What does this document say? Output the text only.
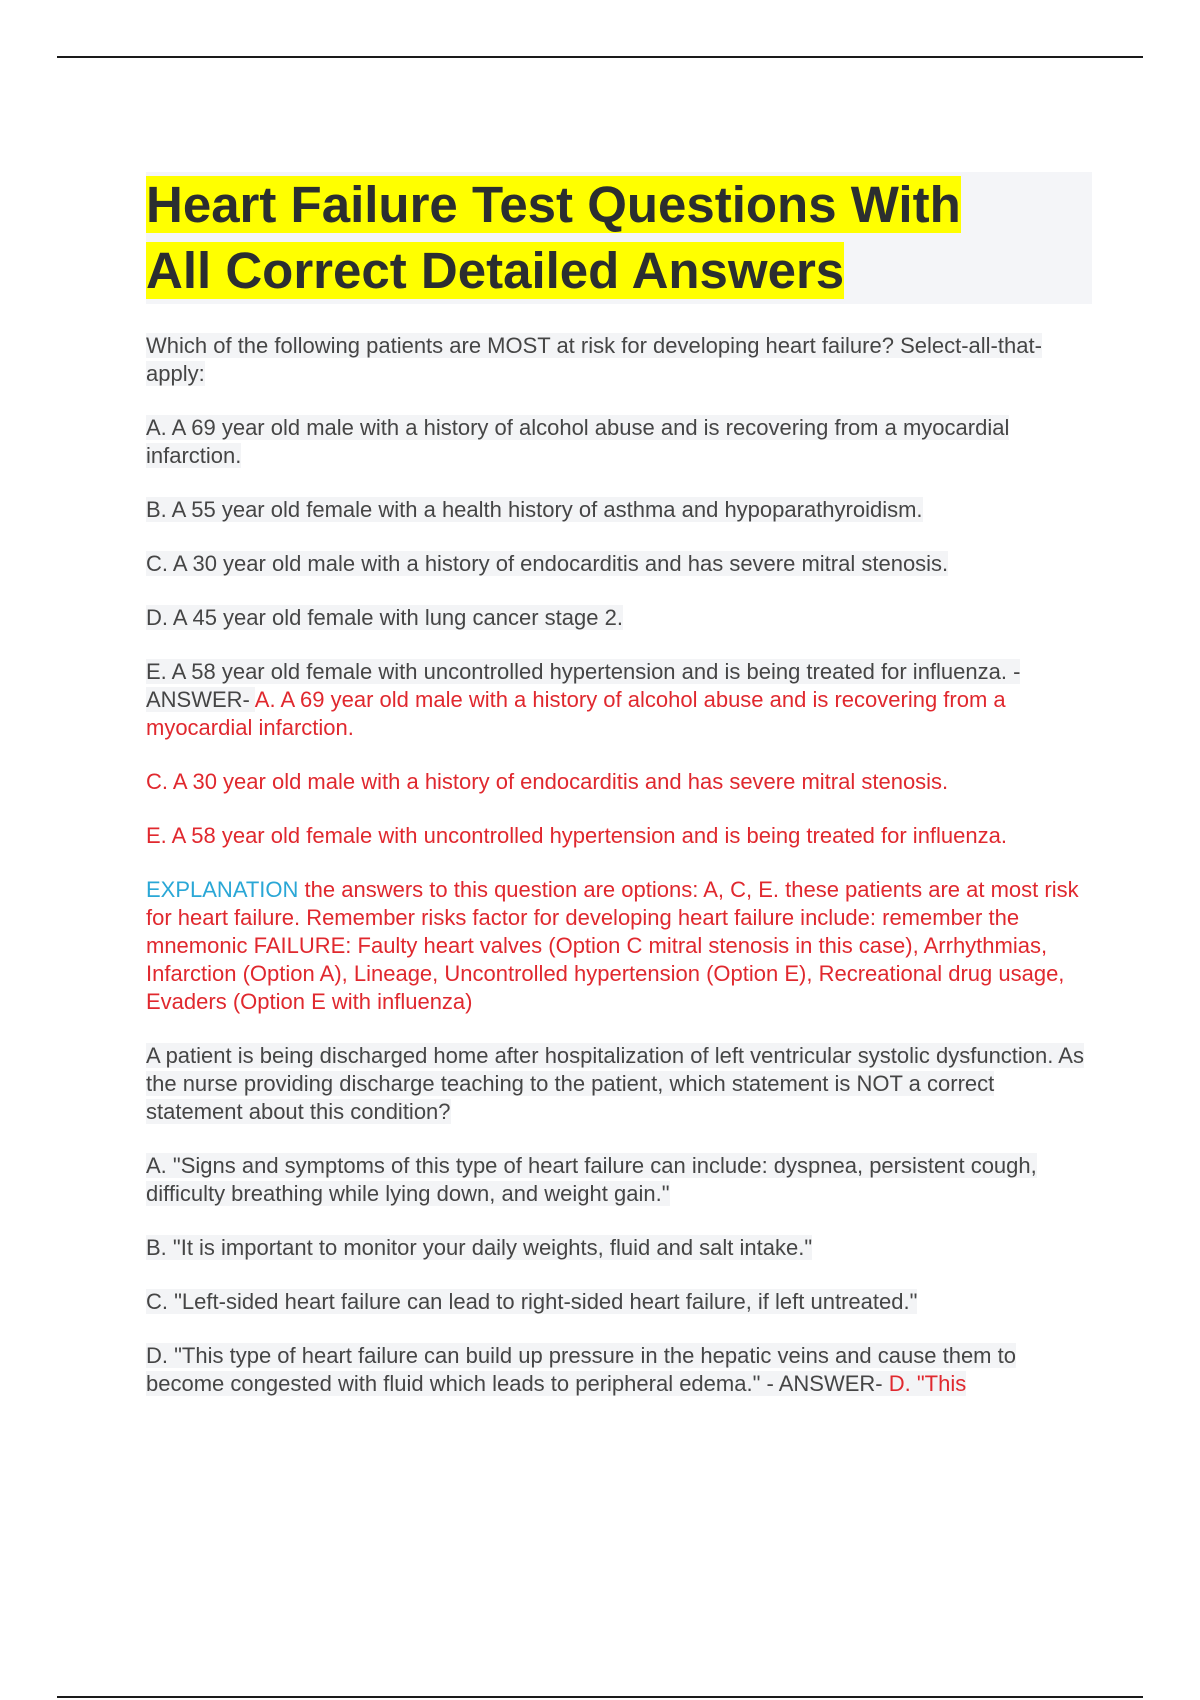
Heart Failure Test Questions With
All Correct Detailed Answers

Which of the following patients are MOST at risk for developing heart failure? Select-all-that-apply:

A. A 69 year old male with a history of alcohol abuse and is recovering from a myocardial infarction.

B. A 55 year old female with a health history of asthma and hypoparathyroidism.

C. A 30 year old male with a history of endocarditis and has severe mitral stenosis.

D. A 45 year old female with lung cancer stage 2.

E. A 58 year old female with uncontrolled hypertension and is being treated for influenza. - ANSWER- A. A 69 year old male with a history of alcohol abuse and is recovering from a myocardial infarction.

C. A 30 year old male with a history of endocarditis and has severe mitral stenosis.

E. A 58 year old female with uncontrolled hypertension and is being treated for influenza.

EXPLANATION the answers to this question are options: A, C, E. these patients are at most risk for heart failure. Remember risks factor for developing heart failure include: remember the mnemonic FAILURE: Faulty heart valves (Option C mitral stenosis in this case), Arrhythmias, Infarction (Option A), Lineage, Uncontrolled hypertension (Option E), Recreational drug usage, Evaders (Option E with influenza)

A patient is being discharged home after hospitalization of left ventricular systolic dysfunction. As the nurse providing discharge teaching to the patient, which statement is NOT a correct statement about this condition?

A. "Signs and symptoms of this type of heart failure can include: dyspnea, persistent cough, difficulty breathing while lying down, and weight gain."

B. "It is important to monitor your daily weights, fluid and salt intake."

C. "Left-sided heart failure can lead to right-sided heart failure, if left untreated."

D. "This type of heart failure can build up pressure in the hepatic veins and cause them to become congested with fluid which leads to peripheral edema." - ANSWER- D. "This
